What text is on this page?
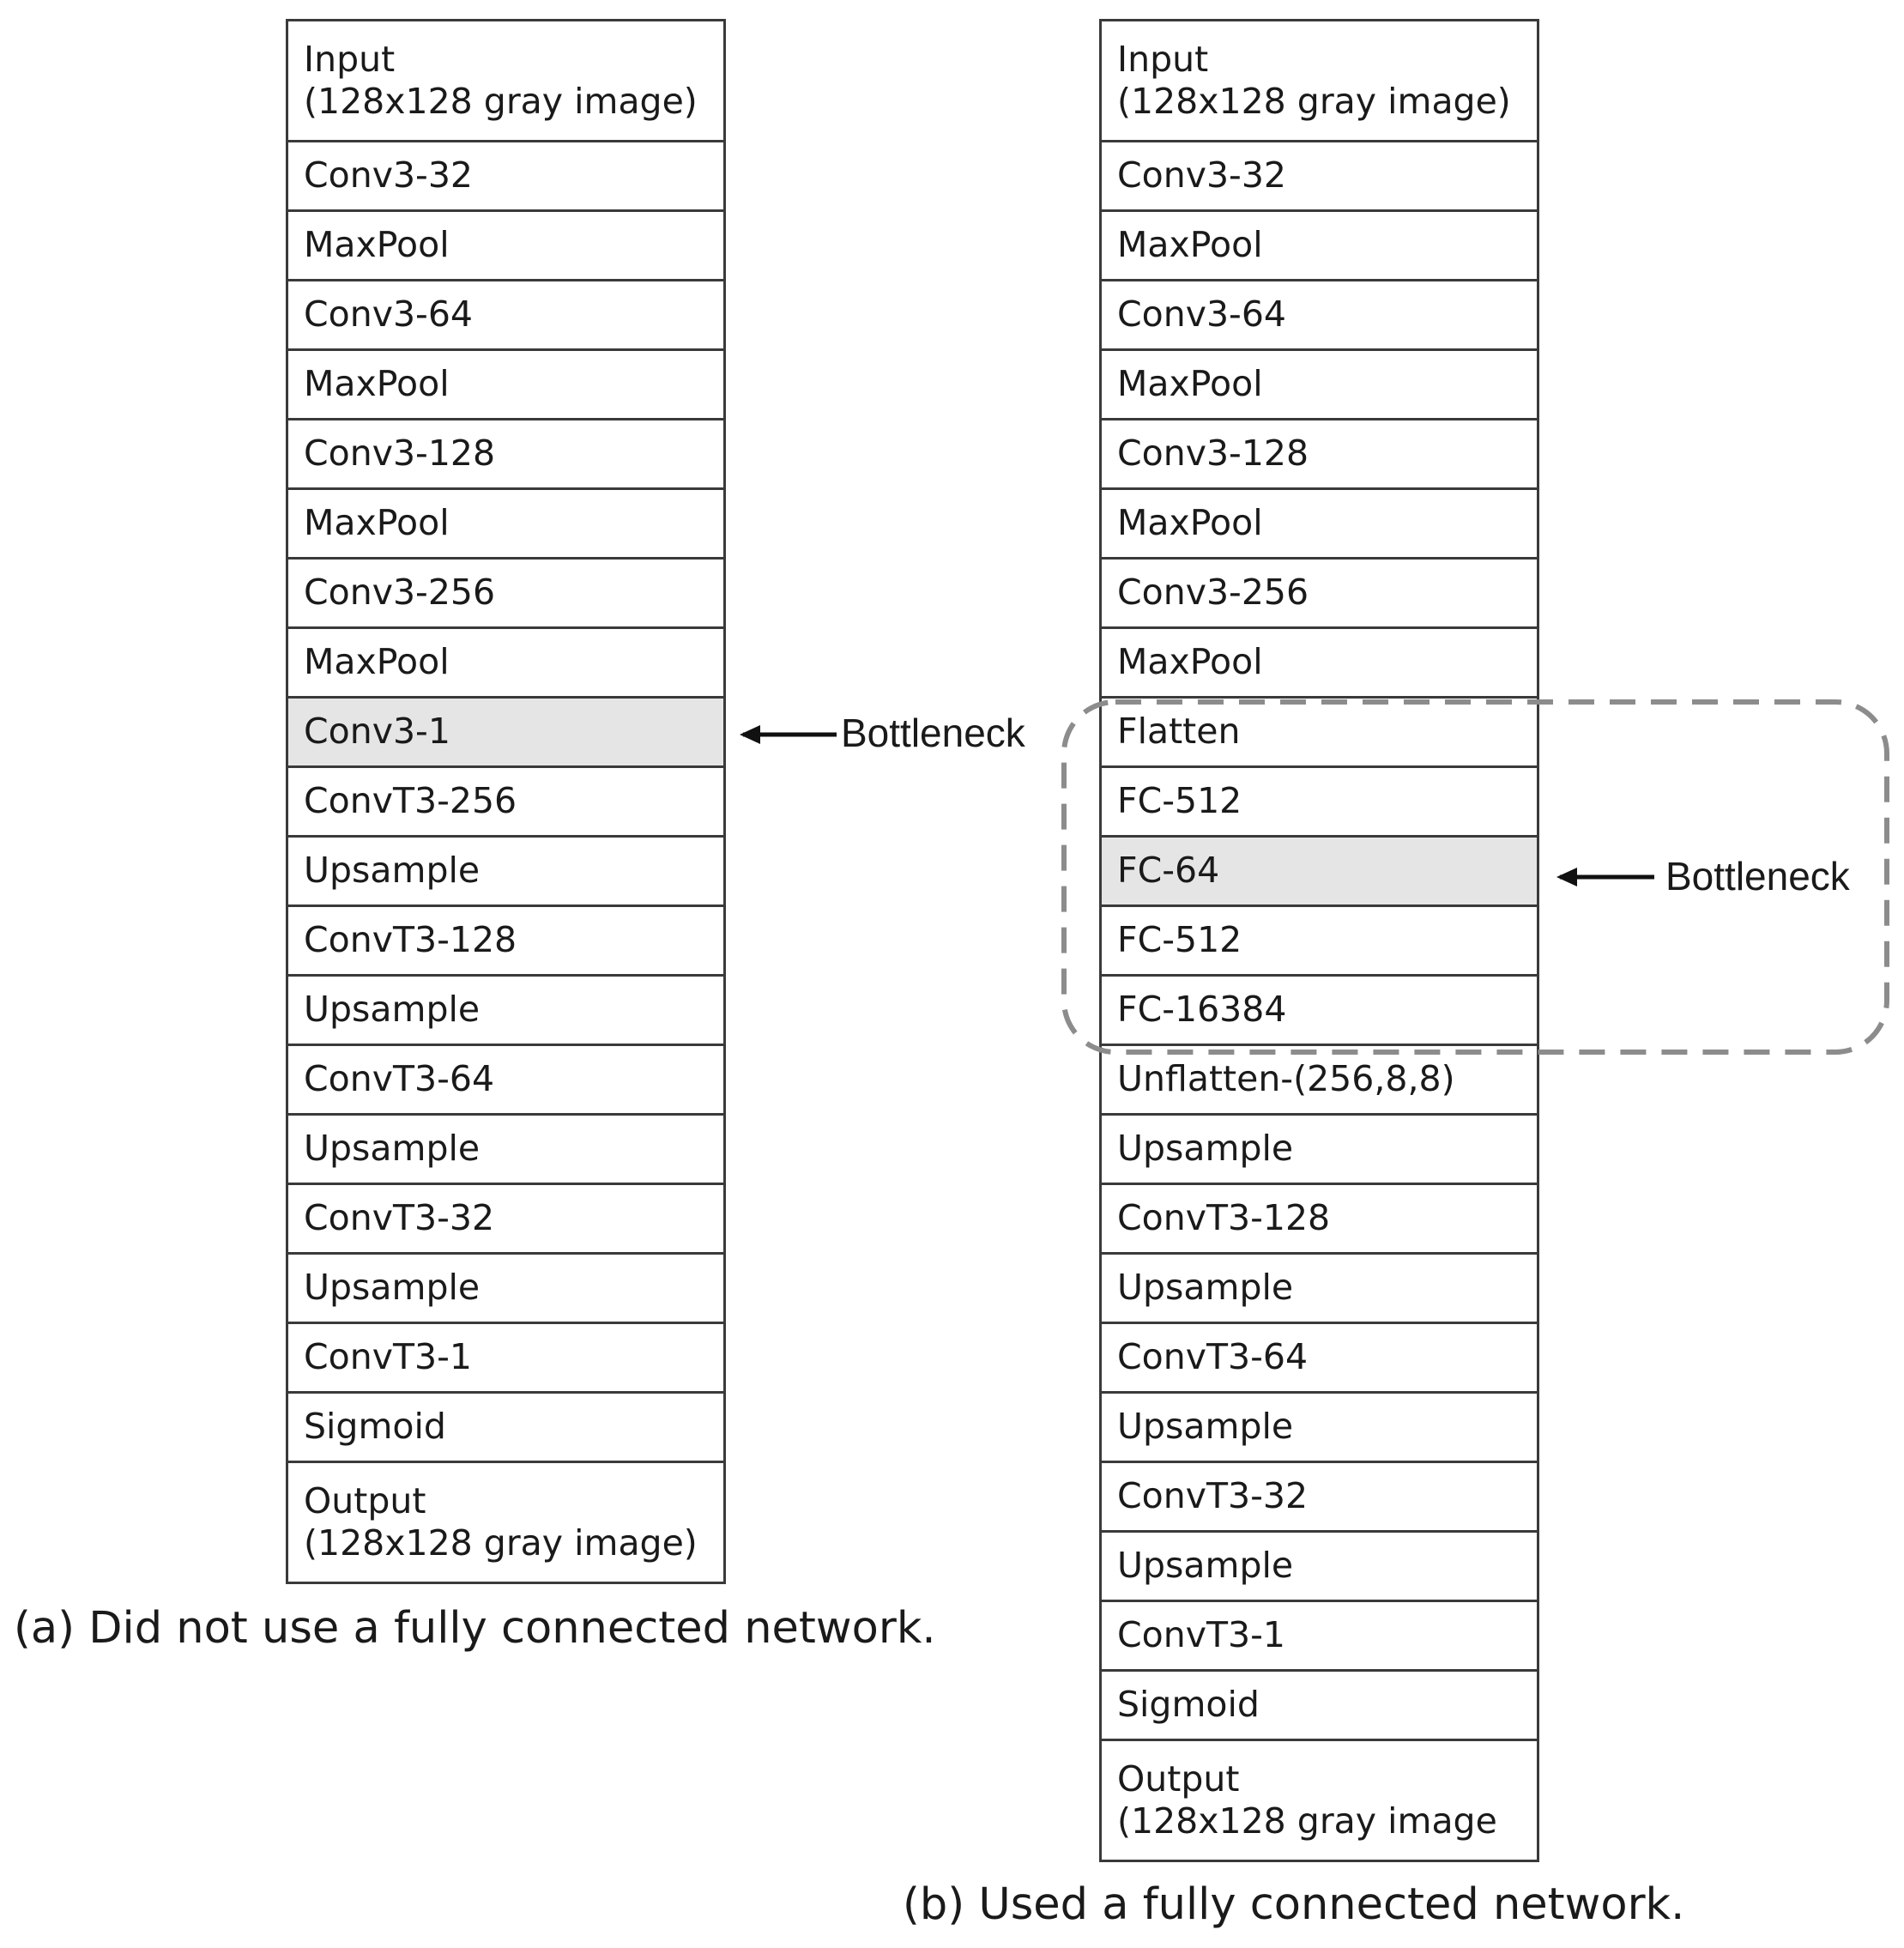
Input
(128x128 gray image)
Conv3-32
MaxPool
Conv3-64
MaxPool
Conv3-128
MaxPool
Conv3-256
MaxPool
Conv3-1
ConvT3-256
Upsample
ConvT3-128
Upsample
ConvT3-64
Upsample
ConvT3-32
Upsample
ConvT3-1
Sigmoid
Output
(128x128 gray image)
Input
(128x128 gray image)
Conv3-32
MaxPool
Conv3-64
MaxPool
Conv3-128
MaxPool
Conv3-256
MaxPool
Flatten
FC-512
FC-64
FC-512
FC-16384
Unflatten-(256,8,8)
Upsample
ConvT3-128
Upsample
ConvT3-64
Upsample
ConvT3-32
Upsample
ConvT3-1
Sigmoid
Output
(128x128 gray image
Bottleneck
Bottleneck
(a) Did not use a fully connected network.
(b) Used a fully connected network.
